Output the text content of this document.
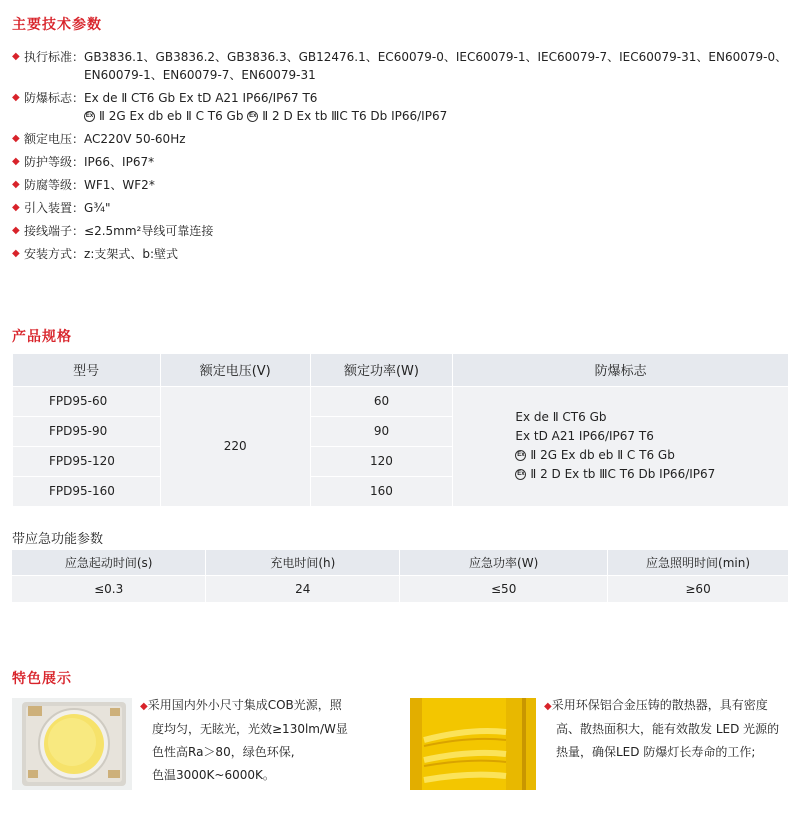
主要技术参数
◆ 执行标准： GB3836.1、GB3836.2、GB3836.3、GB12476.1、EC60079-0、IEC60079-1、IEC60079-7、IEC60079-31、EN60079-0、
EN60079-1、EN60079-7、EN60079-31
◆ 防爆标志： Ex de Ⅱ CT6 Gb Ex tD A21 IP66/IP67 T6
Ex Ⅱ 2G Ex db eb Ⅱ C T6 Gb Ex Ⅱ 2 D Ex tb ⅢC T6 Db IP66/IP67
◆ 额定电压： AC220V 50-60Hz
◆ 防护等级： IP66、IP67*
◆ 防腐等级： WF1、WF2*
◆ 引入装置： G¾"
◆ 接线端子： ≤2.5mm²导线可靠连接
◆ 安装方式： z:支架式、b:壁式
产品规格
型号	额定电压(V)	额定功率(W)	防爆标志
FPD95-60	220	60	Ex de Ⅱ CT6 Gb
Ex tD A21 IP66/IP67 T6
Ex Ⅱ 2G Ex db eb Ⅱ C T6 Gb
Ex Ⅱ 2 D Ex tb ⅢC T6 Db IP66/IP67

FPD95-90		90	
FPD95-120		120	
FPD95-160		160	
带应急功能参数
应急起动时间(s)	充电时间(h)	应急功率(W)	应急照明时间(min)
≤0.3	24	≤50	≥60
特色展示
◆采用国内外小尺寸集成COB光源，照
度均匀，无眩光，光效≥130lm/W显
色性高Ra＞80，绿色环保,
色温3000K~6000K。
◆采用环保铝合金压铸的散热器，具有密度
高、散热面积大，能有效散发 LED 光源的
热量，确保LED 防爆灯长寿命的工作;
